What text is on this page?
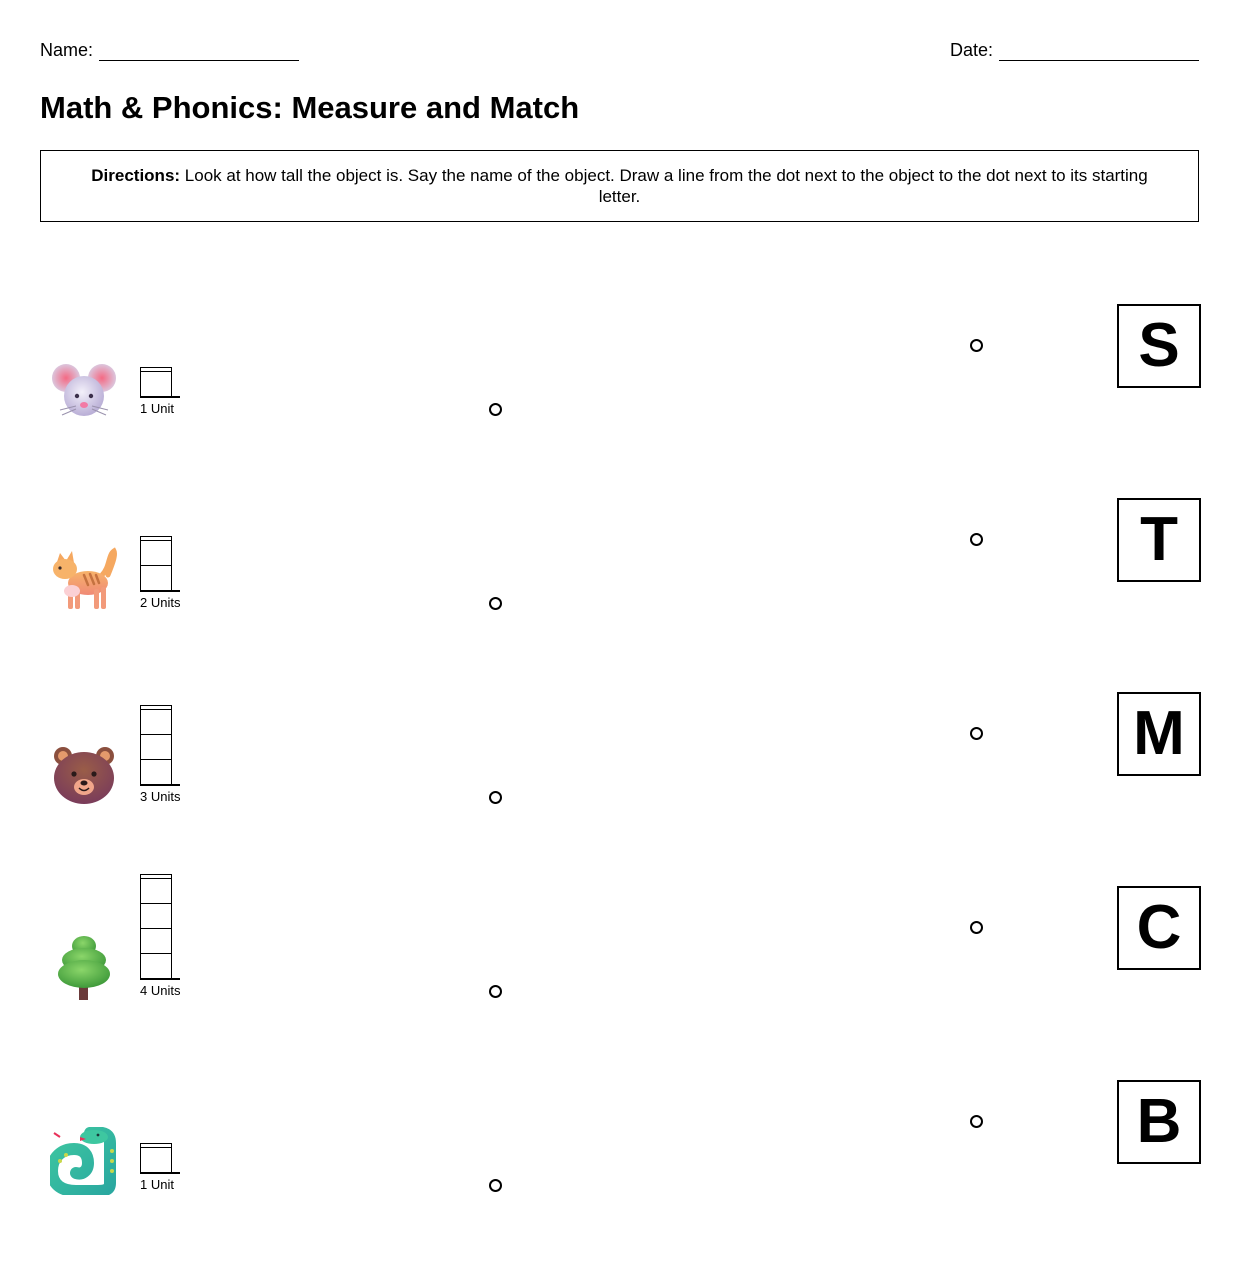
Name:	Date:
Math & Phonics: Measure and Match
Directions: Look at how tall the object is. Say the name of the object. Draw a line from the dot next to the object to the dot next to its starting letter.
1 Unit
S
2 Units
T
3 Units
M
4 Units
C
1 Unit
B
